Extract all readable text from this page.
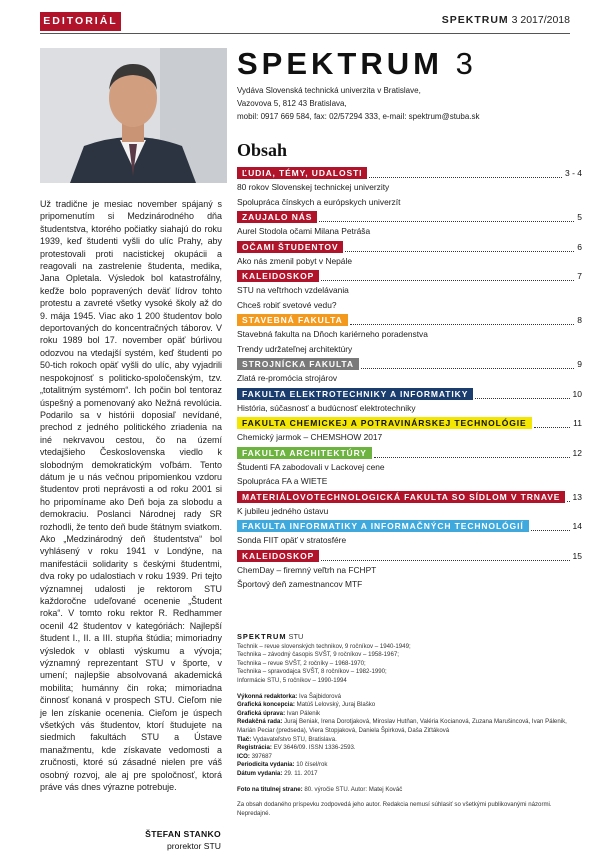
EDITORIÁL	SPEKTRUM 3 2017/2018
Už tradične je mesiac november spájaný s pripomenutím si Medzinárodného dňa študentstva, ktorého počiatky siahajú do roku 1939, keď študenti vyšli do ulíc Prahy, aby protestovali proti nacistickej okupácii a reagovali na zastrelenie študenta, medika, Jana Opletala. Výsledok bol katastrofálny, keďže bolo popravených deväť lídrov tohto protestu a zavreté všetky vysoké školy až do 9. mája 1945. Viac ako 1 200 študentov bolo deportovaných do koncentračných táborov. V roku 1989 bol 17. november opäť búrlivou odozvou na vtedajší systém, keď študenti po 50-tich rokoch opäť vyšli do ulíc, aby vyjadrili nespokojnosť s politicko-spoločenským, tzv. „totalitným systémom“. Ich počin bol tentoraz úspešný a pomenovaný ako Nežná revolúcia. Podarilo sa v histórii doposiaľ nevídané, prechod z jedného politického zriadenia na iné nekrvavou cestou, čo na území vtedajšieho Československa viedlo k slobodným demokratickým voľbám. Tento dátum je u nás večnou pripomienkou vzdoru študentov proti neprávosti a od roku 2001 si ho pripomíname ako Deň boja za slobodu a demokraciu. Poslanci Národnej rady SR rozhodli, že tento deň bude štátnym sviatkom. Ako „Medzinárodný deň študentstva“ bol vyhlásený v roku 1941 v Londýne, na manifestácii solidarity s českými študentmi, dva roky po udalostiach v roku 1939. Pri tejto významnej udalosti je rektorom STU každoročne udeľované ocenenie „Študent roka“. V tomto roku rektor R. Redhammer ocenil 42 študentov v kategóriách: Najlepší študent I., II. a III. stupňa štúdia; mimoriadny výsledok v oblasti výskumu a vývoja; významný reprezentant STU v športe, v umení; najlepšie absolvovaná akademická mobilita; humánny čin roka; mimoriadna činnosť konaná v prospech STU. Cieľom nie je len získanie ocenenia. Cieľom je úspech všetkých vás študentov, ktorí študujete na siedmich fakultách STU a Ústave manažmentu, kde získavate vedomosti a zručnosti, ktoré sú zásadné nielen pre váš osobný rozvoj, ale aj pre spoločnosť, ktorá práve vás dnes výrazne potrebuje.
ŠTEFAN STANKO
prorektor STU
SPEKTRUM 3
Vydáva Slovenská technická univerzita v Bratislave,
Vazovova 5, 812 43 Bratislava,
mobil: 0917 669 584, fax: 02/57294 333, e-mail: spektrum@stuba.sk
Obsah
ĽUDIA, TÉMY, UDALOSTI	3 - 4
80 rokov Slovenskej technickej univerzity
Spolupráca čínskych a európskych univerzít
ZAUJALO NÁS	5
Aurel Stodola očami Milana Petráša
OČAMI ŠTUDENTOV	6
Ako nás zmenil pobyt v Nepále
KALEIDOSKOP	7
STU na veľtrhoch vzdelávania
Chceš robiť svetové vedu?
STAVEBNÁ FAKULTA	8
Stavebná fakulta na Dňoch kariérneho poradenstva
Trendy udržateľnej architektúry
STROJNÍCKA FAKULTA	9
Zlatá re-promócia strojárov
FAKULTA ELEKTROTECHNIKY A INFORMATIKY	10
História, súčasnosť a budúcnosť elektrotechniky
FAKULTA CHEMICKEJ A POTRAVINÁRSKEJ TECHNOLÓGIE	11
Chemický jarmok – CHEMSHOW 2017
FAKULTA ARCHITEKTÚRY	12
Študenti FA zabodovali v Lackovej cene
Spolupráca FA a WIETE
MATERIÁLOVOTECHNOLOGICKÁ FAKULTA SO SÍDLOM V TRNAVE 13
K jubileu jedného ústavu
FAKULTA INFORMATIKY A INFORMAČNÝCH TECHNOLÓGIÍ	14
Sonda FIIT opäť v stratosfére
KALEIDOSKOP	15
ChemDay – firemný veľtrh na FCHPT
Športový deň zamestnancov MTF
SPEKTRUM STU
Technik – revue slovenských technikov, 9 ročníkov – 1940-1949;
Technika – závodný časopis SVŠT, 9 ročníkov – 1958-1967;
Technika – revue SVŠT, 2 ročníky – 1968-1970;
Technika – spravodajca SVŠT, 8 ročníkov – 1982-1990;
Informácie STU, 5 ročníkov – 1990-1994
Výkonná redaktorka: Iva Šajbidorová
Grafická koncepcia: Matúš Lelovský, Juraj Blaško
Grafická úprava: Ivan Pálenik
Redakčná rada: Juraj Beniak, Irena Dorotjaková, Miroslav Hutňan, Valéria Kocianová, Zuzana Marušincová, Ivan Pálenik, Marián Peciar (predseda), Viera Stopjaková, Daniela Špirková, Daša Ziťtáková
Tlač: Vydavateľstvo STU, Bratislava.
Registrácia: EV 3646/09. ISSN 1336-2593.
ICO: 397687
Periodicita vydania: 10 čísel/rok
Dátum vydania: 29. 11. 2017
Foto na titulnej strane: 80. výročie STU. Autor: Matej Kováč
Za obsah dodaného príspevku zodpovedá jeho autor. Redakcia nemusí súhlasiť so všetkými publikovanými názormi. Nepredajné.
